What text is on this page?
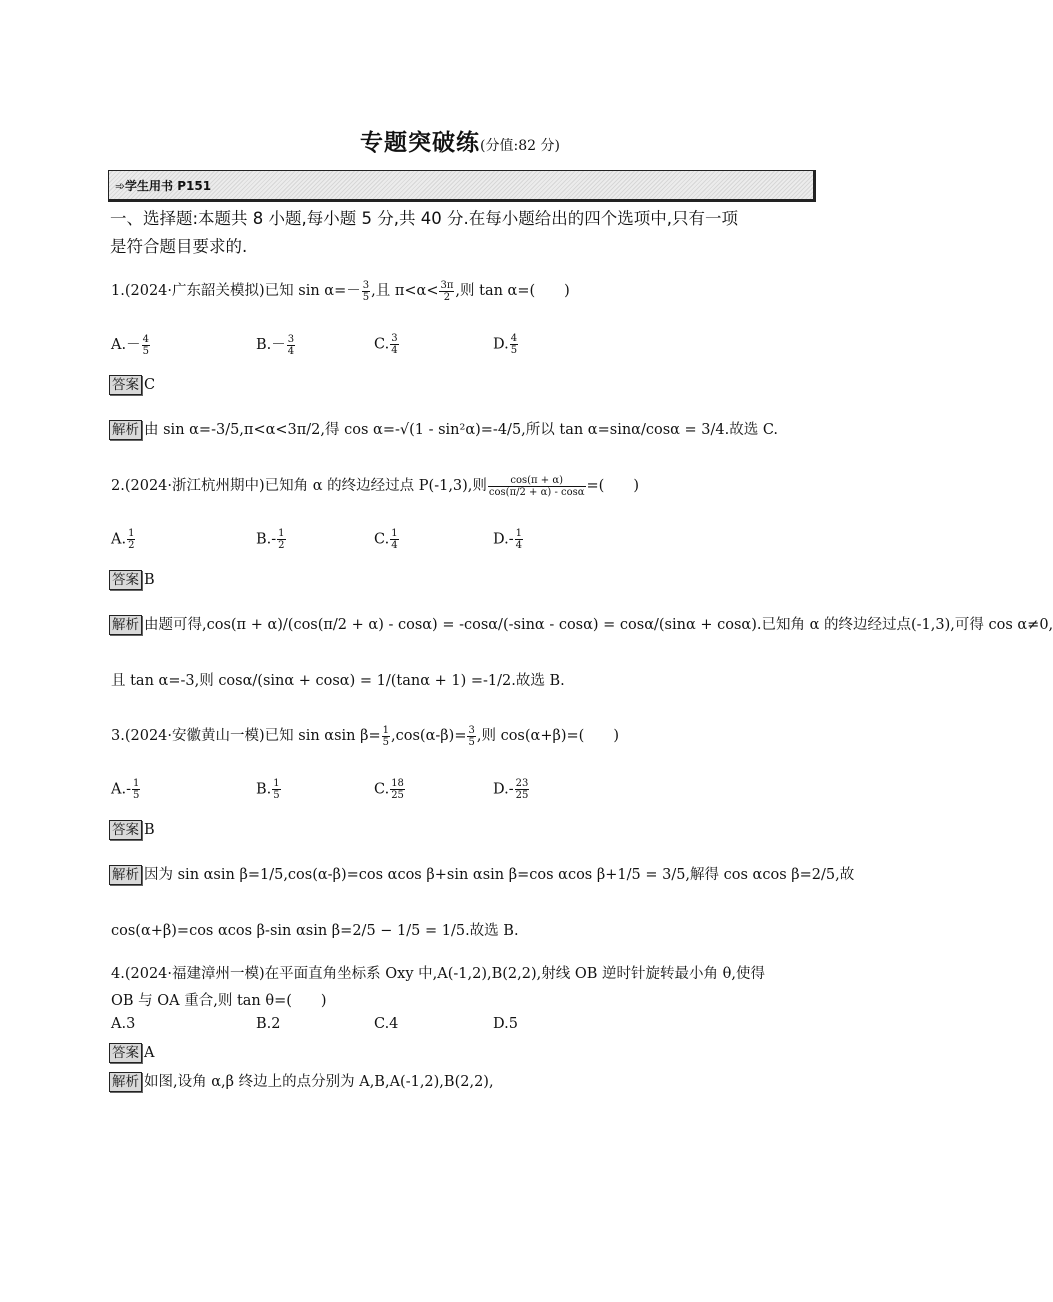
专题突破练(分值:82 分)
➾学生用书 P151
一、选择题:本题共 8 小题,每小题 5 分,共 40 分.在每小题给出的四个选项中,只有一项
是符合题目要求的.
1.(2024·广东韶关模拟)已知 $\sin \alpha=- \frac{3}{5}$ ,且 $\pi<\alpha< \frac{3\pi}{2}$ ,则 tan α=(　　)
$A.- \frac{4}{5}$	$B.- \frac{3}{4}$	C. $\frac{3}{4}$	D. $\frac{4}{5}$
答案 C
解析 由 sin α=-3/5,π<α<3π/2,得 cos α=-√(1 - sin²α)=-4/5,所以 tan α=sinα/cosα = 3/4.故选 C.
2.(2024·浙江杭州期中)已知角 α 的终边经过点 P(-1,3),则 $\frac{\cos(\pi + \alpha)}{\cos(\pi/2 + \alpha) - \cos\alpha}$ =(　　)
A. $\frac{1}{2}$	$B.- \frac{1}{2}$	C. $\frac{1}{4}$	$D.- \frac{1}{4}$
答案 B
解析 由题可得,cos(π + α)/(cos(π/2 + α) - cosα) = -cosα/(-sinα - cosα) = cosα/(sinα + cosα).已知角 α 的终边经过点(-1,3),可得 cos α≠0,
且 tan α=-3,则 cosα/(sinα + cosα) = 1/(tanα + 1) =-1/2.故选 B.
3.(2024·安徽黄山一模)已知 sin αsin $\beta= \frac{1}{5} ,\cos(\alpha-\beta)= \frac{3}{5}$ ,则 cos(α+β)=(　　)
$A.- \frac{1}{5}$	B. $\frac{1}{5}$	C. $\frac{18}{25}$	$D.- \frac{23}{25}$
答案 B
解析 因为 sin αsin β=1/5,cos(α-β)=cos αcos β+sin αsin β=cos αcos β+1/5 = 3/5,解得 cos αcos β=2/5,故
cos(α+β)=cos αcos β-sin αsin β=2/5 − 1/5 = 1/5.故选 B.
4.(2024·福建漳州一模)在平面直角坐标系 Oxy 中,A(-1,2),B(2,2),射线 OB 逆时针旋转最小角 θ,使得
OB 与 OA 重合,则 tan θ=(　　)
A.3	B.2	C.4	D.5
答案 A
解析 如图,设角 α,β 终边上的点分别为 A,B,A(-1,2),B(2,2),
